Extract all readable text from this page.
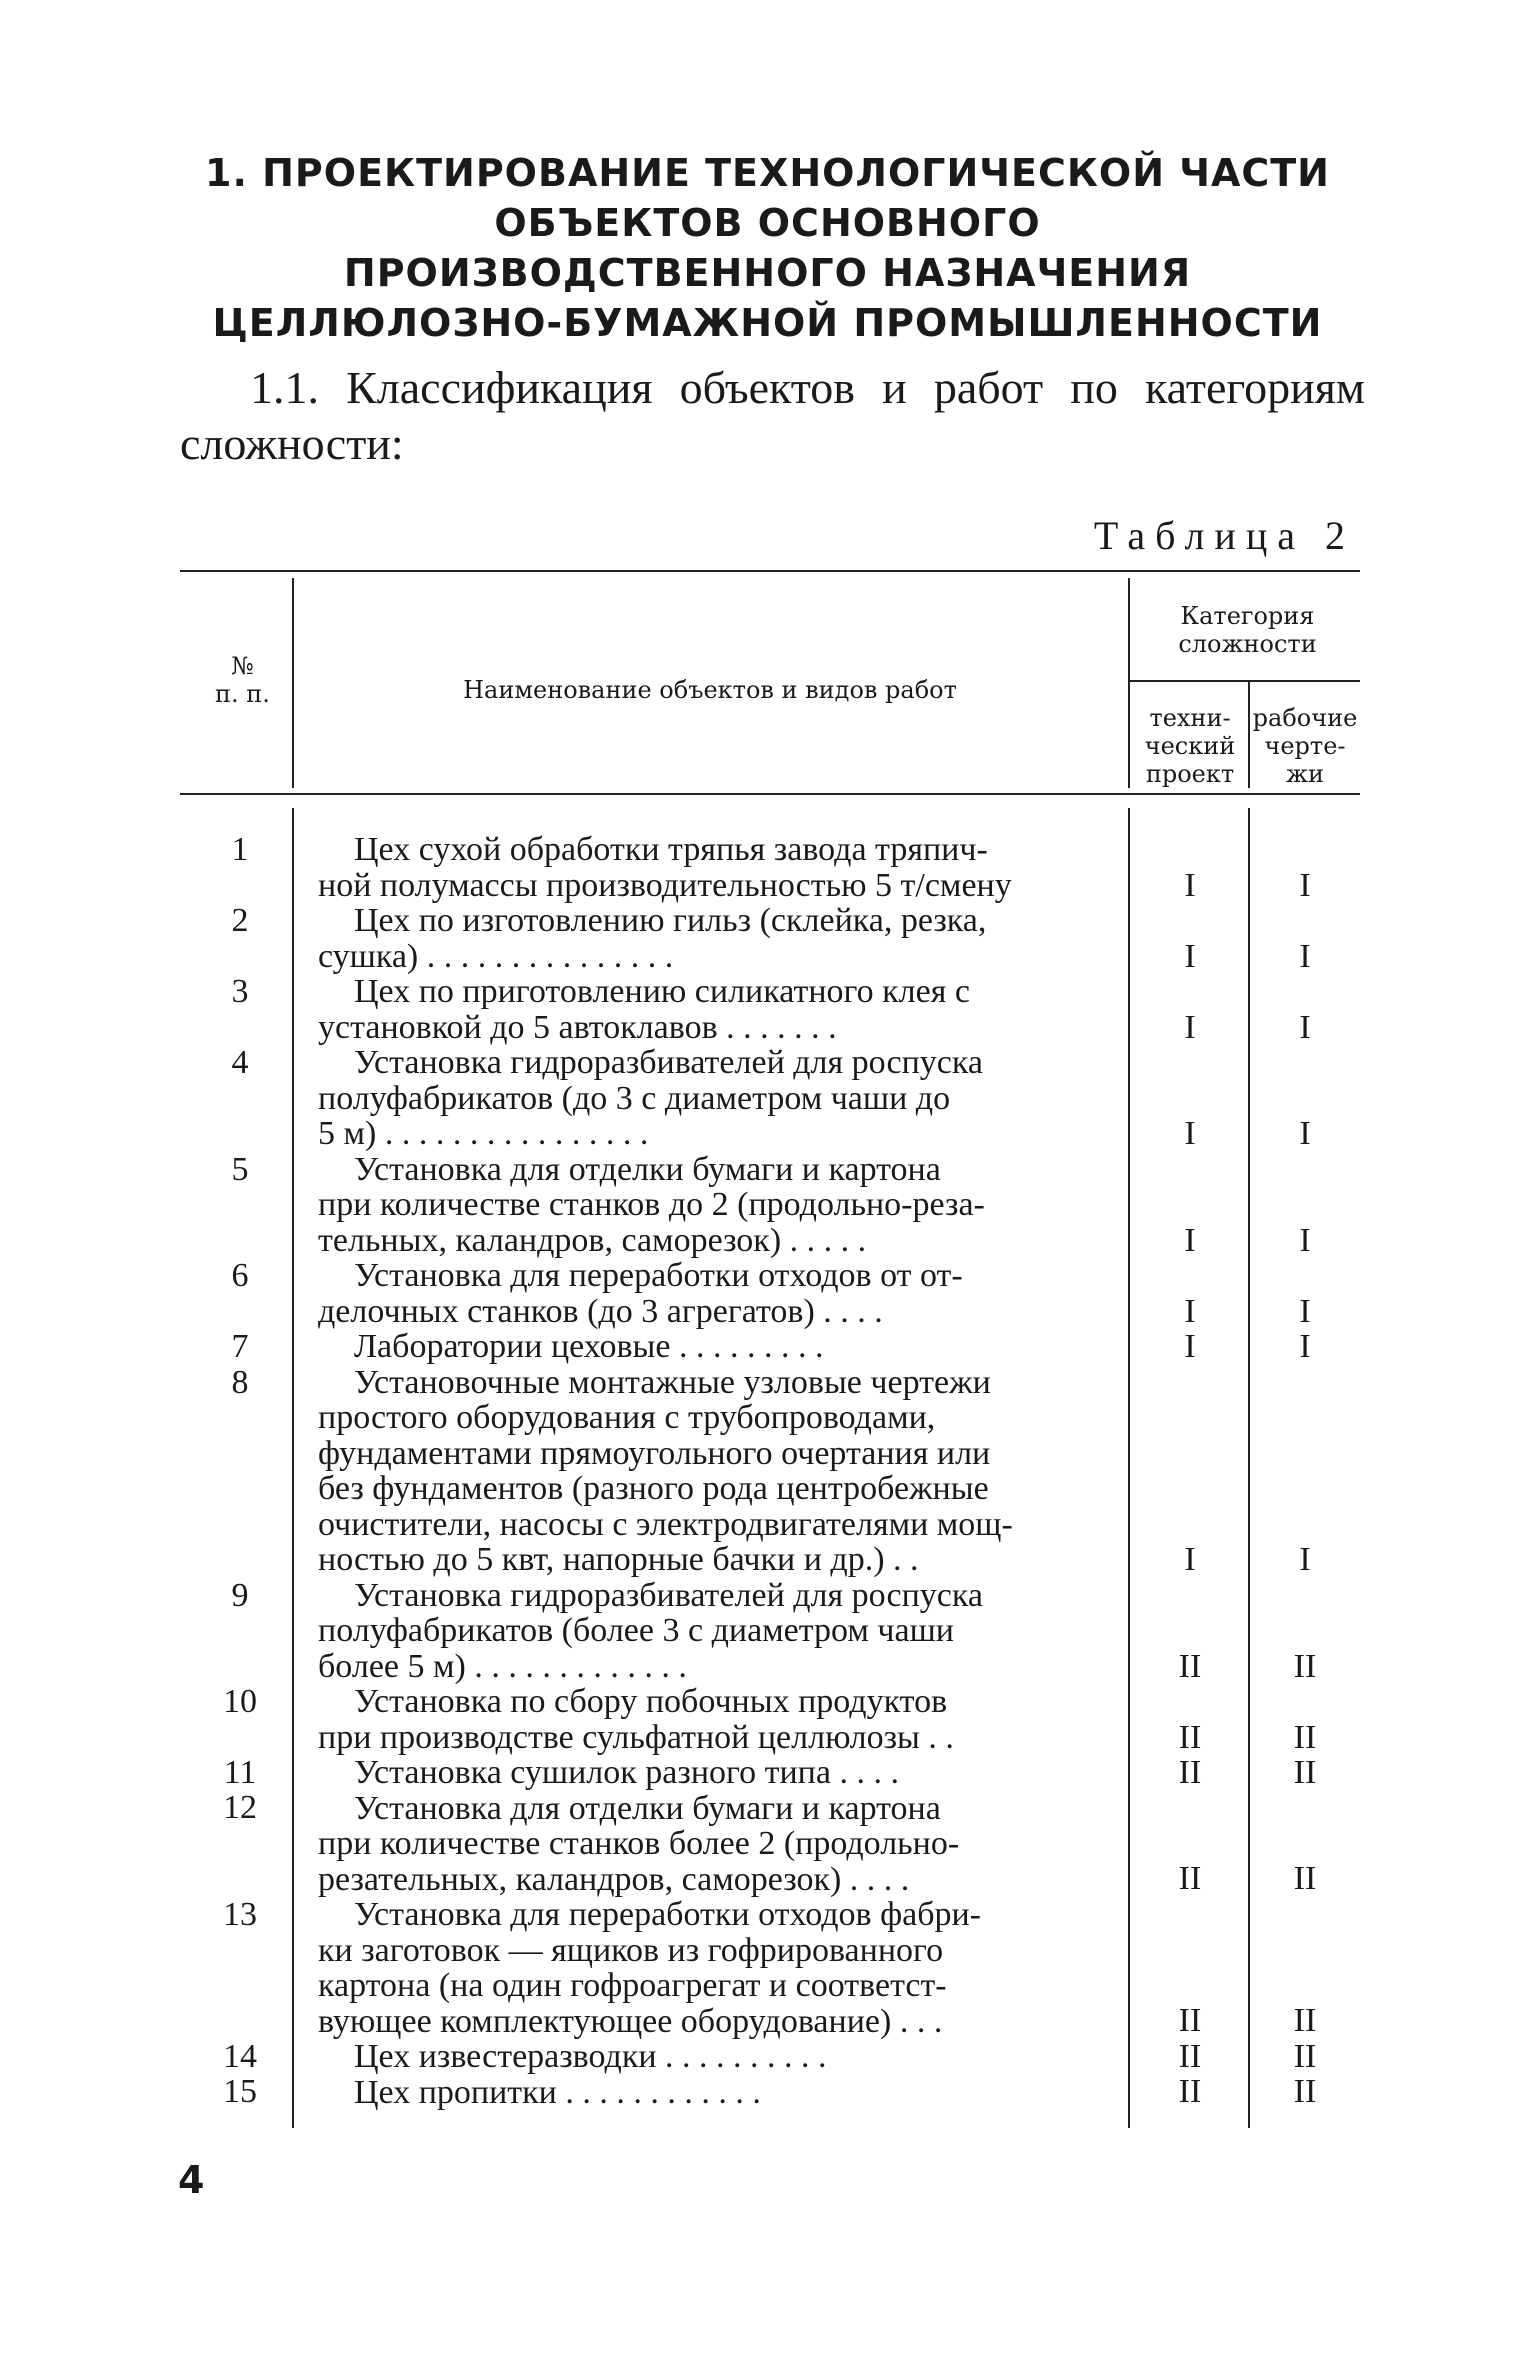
1. ПРОЕКТИРОВАНИЕ ТЕХНОЛОГИЧЕСКОЙ ЧАСТИ
ОБЪЕКТОВ ОСНОВНОГО
ПРОИЗВОДСТВЕННОГО НАЗНАЧЕНИЯ
ЦЕЛЛЮЛОЗНО-БУМАЖНОЙ ПРОМЫШЛЕННОСТИ
1.1. Классификация объектов и работ по категориям
сложности:
Таблица 2
№
п. п.	Наименование объектов и видов работ
Категория
сложности
техни-
ческий
проект
рабочие
черте-
жи
Цех сухой обработки тряпья завода тряпич-
ной полумассы производительностью 5 т/смену
Цех по изготовлению гильз (склейка, резка,
сушка) . . . . . . . . . . . . . . .
Цех по приготовлению силикатного клея с
установкой до 5 автоклавов . . . . . . .
Установка гидроразбивателей для роспуска
полуфабрикатов (до 3 с диаметром чаши до
5 м) . . . . . . . . . . . . . . . .
Установка для отделки бумаги и картона
при количестве станков до 2 (продольно-реза-
тельных, каландров, саморезок) . . . . .
Установка для переработки отходов от от-
делочных станков (до 3 агрегатов) . . . .
Лаборатории цеховые . . . . . . . . .
Установочные монтажные узловые чертежи
простого оборудования с трубопроводами,
фундаментами прямоугольного очертания или
без фундаментов (разного рода центробежные
очистители, насосы с электродвигателями мощ-
ностью до 5 квт, напорные бачки и др.) . .
Установка гидроразбивателей для роспуска
полуфабрикатов (более 3 с диаметром чаши
более 5 м) . . . . . . . . . . . . .
Установка по сбору побочных продуктов
при производстве сульфатной целлюлозы . .
Установка сушилок разного типа . . . .
Установка для отделки бумаги и картона
при количестве станков более 2 (продольно-
резательных, каландров, саморезок) . . . .
Установка для переработки отходов фабри-
ки заготовок — ящиков из гофрированного
картона (на один гофроагрегат и соответст-
вующее комплектующее оборудование) . . .
Цех известеразводки . . . . . . . . . .
Цех пропитки . . . . . . . . . . . .
1
2
3
4
5
6
7
8
9
10
11
12
13
14
15
I
I
I
I
I
I
I
I
II
II
II
II
II
II
II
I
I
I
I
I
I
I
I
II
II
II
II
II
II
II
4
